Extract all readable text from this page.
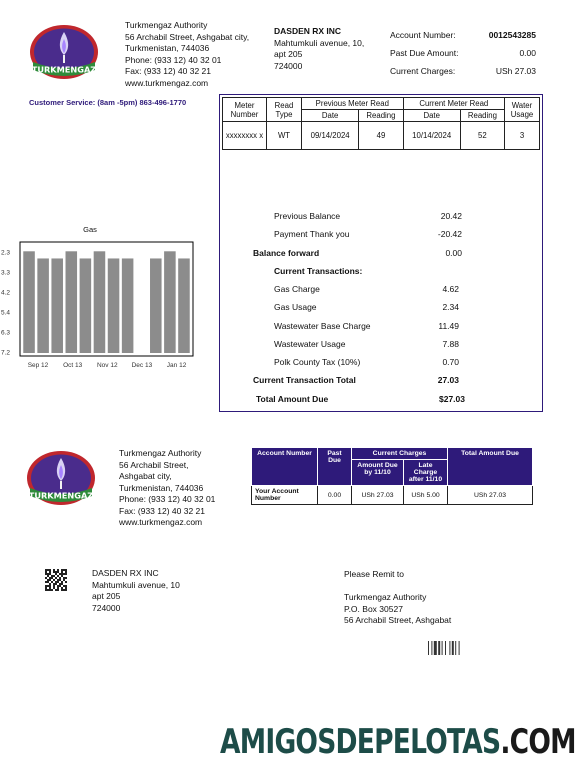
TURKMENGAZ
Turkmengaz Authority
56 Archabil Street, Ashgabat city,
Turkmenistan, 744036
Phone: (933 12) 40 32 01
Fax: (933 12) 40 32 21
www.turkmengaz.com
Customer Service: (8am -5pm) 863-496-1770
DASDEN RX INC
Mahtumkuli avenue, 10,
apt 205
724000
Account Number:	0012543285
Past Due Amount:	0.00
Current Charges:	USh 27.03
Meter Number	Read Type	Previous Meter Read		Current Meter Read		Water Usage
		Date	Reading	Date	Reading	
xxxxxxxx x	WT	09/14/2024	49	10/14/2024	52	3
Previous Balance	20.42
Payment Thank you	-20.42
Balance forward	0.00
Current Transactions:
Gas Charge	4.62
Gas Usage	2.34
Wastewater Base Charge	11.49
Wastewater Usage	7.88
Polk County Tax (10%)	0.70
Current Transaction Total	27.03
Total Amount Due	$27.03
Gas
2.3
3.3
4.2
5.4
6.3
7.2
Sep 12 Oct 13 Nov 12 Dec 13 Jan 12
TURKMENGAZ
Turkmengaz Authority
56 Archabil Street,
Ashgabat city,
Turkmenistan, 744036
Phone: (933 12) 40 32 01
Fax: (933 12) 40 32 21
www.turkmengaz.com
Account Number	Past Due	Current Charges		Total Amount Due
		Amount Due by 11/10	Late Charge after 11/10	
Your Account Number	0.00	USh 27.03	USh 5.00	USh 27.03
DASDEN RX INC
Mahtumkuli avenue, 10
apt 205
724000
Please Remit to
Turkmengaz Authority
P.O. Box 30527
56 Archabil Street, Ashgabat
AMIGOSDEPELOTAS.COM
